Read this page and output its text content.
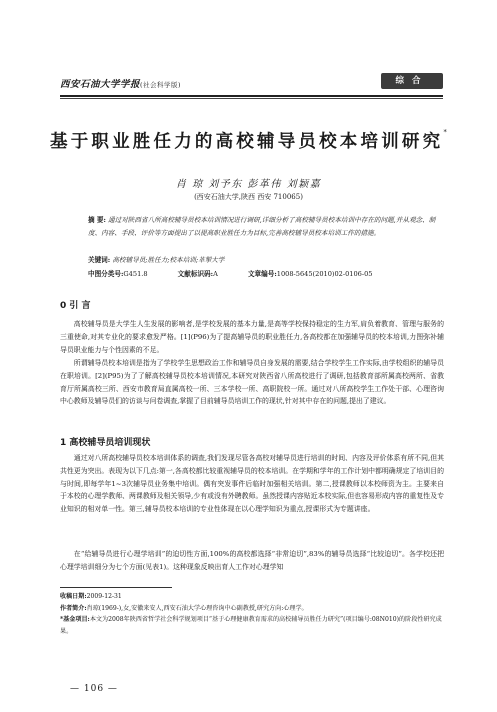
西安石油大学学报(社会科学版)	综合
基于职业胜任力的高校辅导员校本培训研究*
肖 琼 刘予东 彭革伟 刘颖嘉
(西安石油大学,陕西 西安 710065)
摘 要: 通过对陕西省八所高校辅导员校本培训情况进行调研,详细分析了高校辅导员校本培训中存在的问题,并从观念、制度、内容、手段、评价等方面提出了以提高职业胜任力为目标,完善高校辅导员校本培训工作的措施。
关键词: 高校辅导员;胜任力;校本培训;革掣大学
中图分类号:G451.8	文献标识码:A	文章编号:1008-5645(2010)02-0106-05
0 引 言
高校辅导员是大学生人生发展的影响者,是学校发展的基本力量,是高等学校保持稳定的生力军,肩负着教育、管理与服务的三重使命,对其专业化的要求愈发严格。[1](P96)为了提高辅导员的职业胜任力,各高校都在加强辅导员的校本培训,力图弥补辅导员职业能力与个性因素的不足。
所谓辅导员校本培训是指为了学校学生思想政治工作和辅导员自身发展的需要,结合学校学生工作实际,由学校组织的辅导员在职培训。[2](P95)为了了解高校辅导员校本培训情况,本研究对陕西省八所高校进行了调研,包括教育部所属高校两所、省教育厅所属高校三所、西安市教育局直属高校一所、三本学校一所、高职院校一所。通过对八所高校学生工作处干部、心理咨询中心教师及辅导员们的访谈与问卷调查,掌握了目前辅导员培训工作的现状,针对其中存在的问题,提出了建议。
1 高校辅导员培训现状
通过对八所高校辅导员校本培训体系的调查,我们发现尽管各高校对辅导员进行培训的时间、内容及评价体系有所不同,但其共性更为突出。表现为以下几点:第一,各高校都比较重视辅导员的校本培训。在学期和学年的工作计划中都明确规定了培训目的与时间,即每学年1~3次辅导员业务集中培训。偶有突发事件后临时加强相关培训。第二,授课教师以本校师资为主。主要来自于本校的心理学教师、两课教师及相关领导,少有或没有外聘教师。虽然授课内容贴近本校实际,但也容易形成内容的重复性及专业知识的相对单一性。第三,辅导员校本培训的专业性体现在以心理学知识为重点,授课形式为专题讲座。
在“给辅导员进行心理学培训”的迫切性方面,100%的高校都选择“非常迫切”,83%的辅导员选择“比较迫切”。各学校还把心理学培训细分为七个方面(见表1)。这种现象反映出育人工作对心理学知
收稿日期:2009-12-31
作者简介:肖琼(1969-),女,安徽来安人,西安石油大学心理咨询中心副教授,研究方向:心理学。
*基金项目:本文为2008年陕西省哲学社会科学规划项目“基于心理健康教育需求的高校辅导员胜任力研究”(项目编号:08N010)的阶段性研究成果。
— 106 —
